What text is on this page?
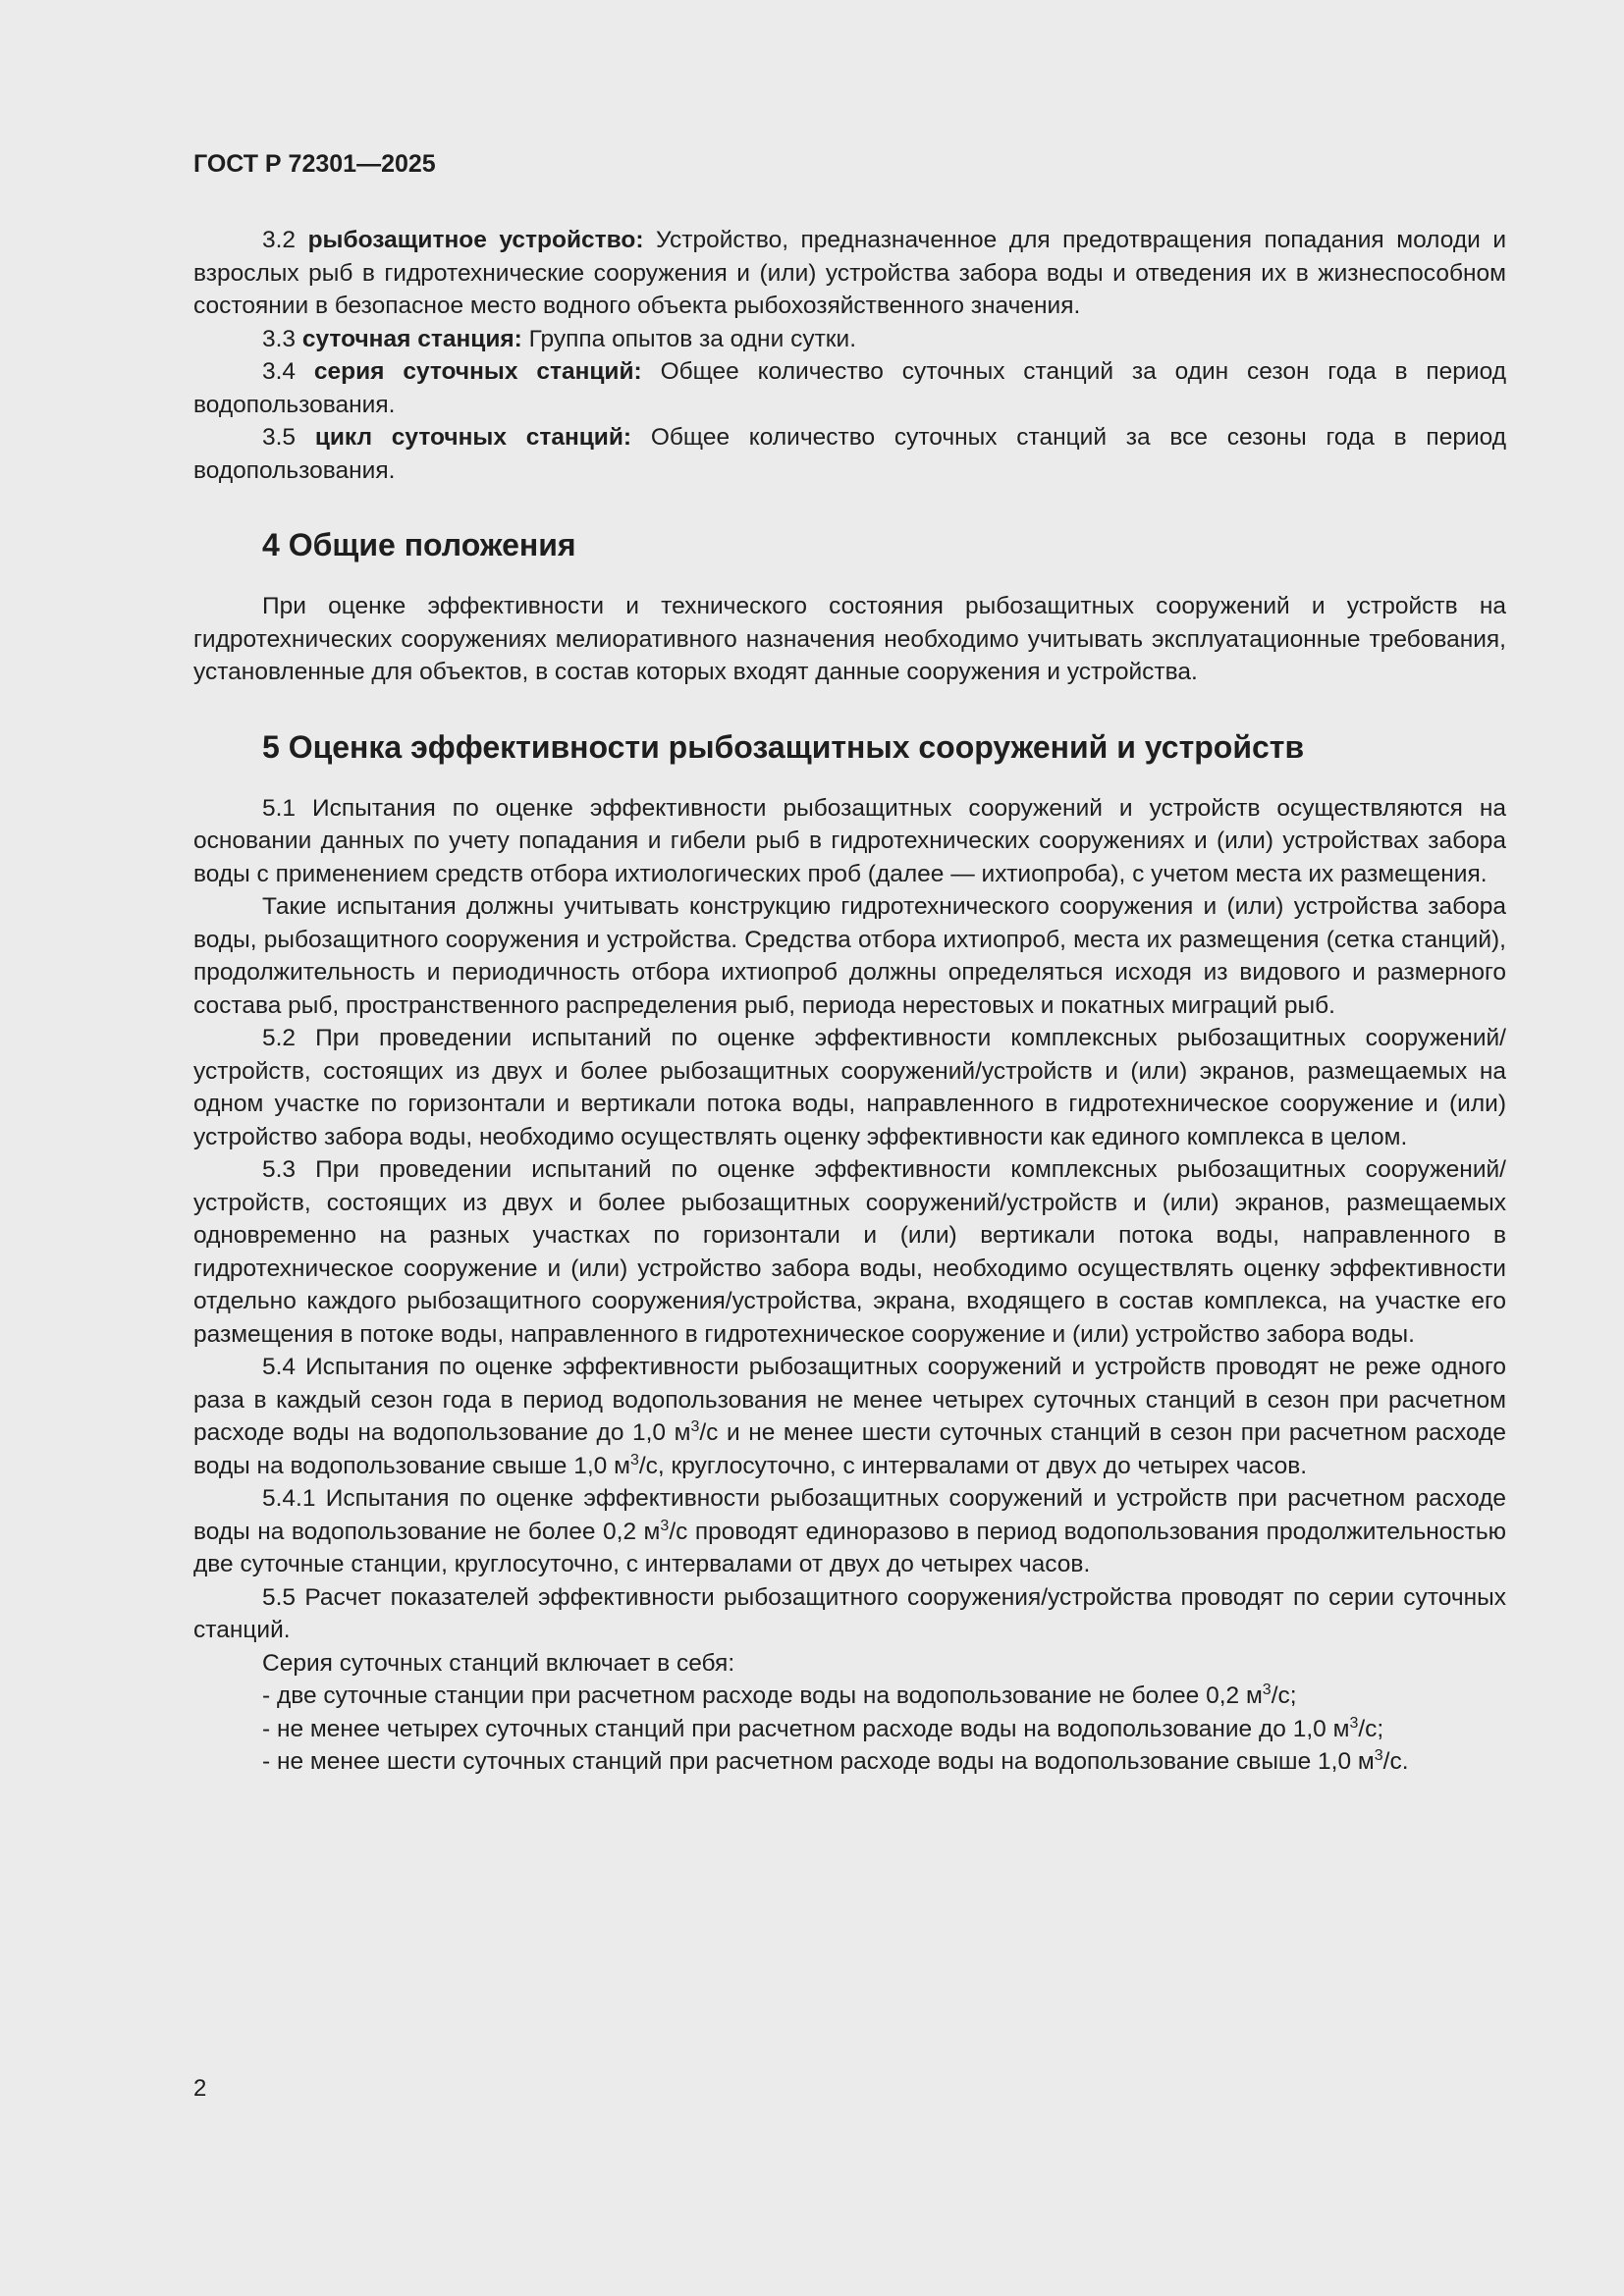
ГОСТ Р 72301—2025

3.2 рыбозащитное устройство: Устройство, предназначенное для предотвращения попадания молоди и взрослых рыб в гидротехнические сооружения и (или) устройства забора воды и отведения их в жизнеспособном состоянии в безопасное место водного объекта рыбохозяйственного значения.

3.3 суточная станция: Группа опытов за одни сутки.

3.4 серия суточных станций: Общее количество суточных станций за один сезон года в период водопользования.

3.5 цикл суточных станций: Общее количество суточных станций за все сезоны года в период водопользования.

4 Общие положения

При оценке эффективности и технического состояния рыбозащитных сооружений и устройств на гидротехнических сооружениях мелиоративного назначения необходимо учитывать эксплуатационные требования, установленные для объектов, в состав которых входят данные сооружения и устройства.

5 Оценка эффективности рыбозащитных сооружений и устройств

5.1 Испытания по оценке эффективности рыбозащитных сооружений и устройств осуществляются на основании данных по учету попадания и гибели рыб в гидротехнических сооружениях и (или) устройствах забора воды с применением средств отбора ихтиологических проб (далее — ихтиопроба), с учетом места их размещения.

Такие испытания должны учитывать конструкцию гидротехнического сооружения и (или) устройства забора воды, рыбозащитного сооружения и устройства. Средства отбора ихтиопроб, места их размещения (сетка станций), продолжительность и периодичность отбора ихтиопроб должны определяться исходя из видового и размерного состава рыб, пространственного распределения рыб, периода нерестовых и покатных миграций рыб.

5.2 При проведении испытаний по оценке эффективности комплексных рыбозащитных сооружений/устройств, состоящих из двух и более рыбозащитных сооружений/устройств и (или) экранов, размещаемых на одном участке по горизонтали и вертикали потока воды, направленного в гидротехническое сооружение и (или) устройство забора воды, необходимо осуществлять оценку эффективности как единого комплекса в целом.

5.3 При проведении испытаний по оценке эффективности комплексных рыбозащитных сооружений/устройств, состоящих из двух и более рыбозащитных сооружений/устройств и (или) экранов, размещаемых одновременно на разных участках по горизонтали и (или) вертикали потока воды, направленного в гидротехническое сооружение и (или) устройство забора воды, необходимо осуществлять оценку эффективности отдельно каждого рыбозащитного сооружения/устройства, экрана, входящего в состав комплекса, на участке его размещения в потоке воды, направленного в гидротехническое сооружение и (или) устройство забора воды.

5.4 Испытания по оценке эффективности рыбозащитных сооружений и устройств проводят не реже одного раза в каждый сезон года в период водопользования не менее четырех суточных станций в сезон при расчетном расходе воды на водопользование до 1,0 $м^3/с$ и не менее шести суточных станций в сезон при расчетном расходе воды на водопользование свыше 1,0 $м^3/с$, круглосуточно, с интервалами от двух до четырех часов.

5.4.1 Испытания по оценке эффективности рыбозащитных сооружений и устройств при расчетном расходе воды на водопользование не более 0,2 $м^3/с$ проводят единоразово в период водопользования продолжительностью две суточные станции, круглосуточно, с интервалами от двух до четырех часов.

5.5 Расчет показателей эффективности рыбозащитного сооружения/устройства проводят по серии суточных станций.

Серия суточных станций включает в себя:

- две суточные станции при расчетном расходе воды на водопользование не более 0,2 $м^3/с$;

- не менее четырех суточных станций при расчетном расходе воды на водопользование до 1,0 $м^3/с$;

- не менее шести суточных станций при расчетном расходе воды на водопользование свыше 1,0 $м^3/с$.

2
